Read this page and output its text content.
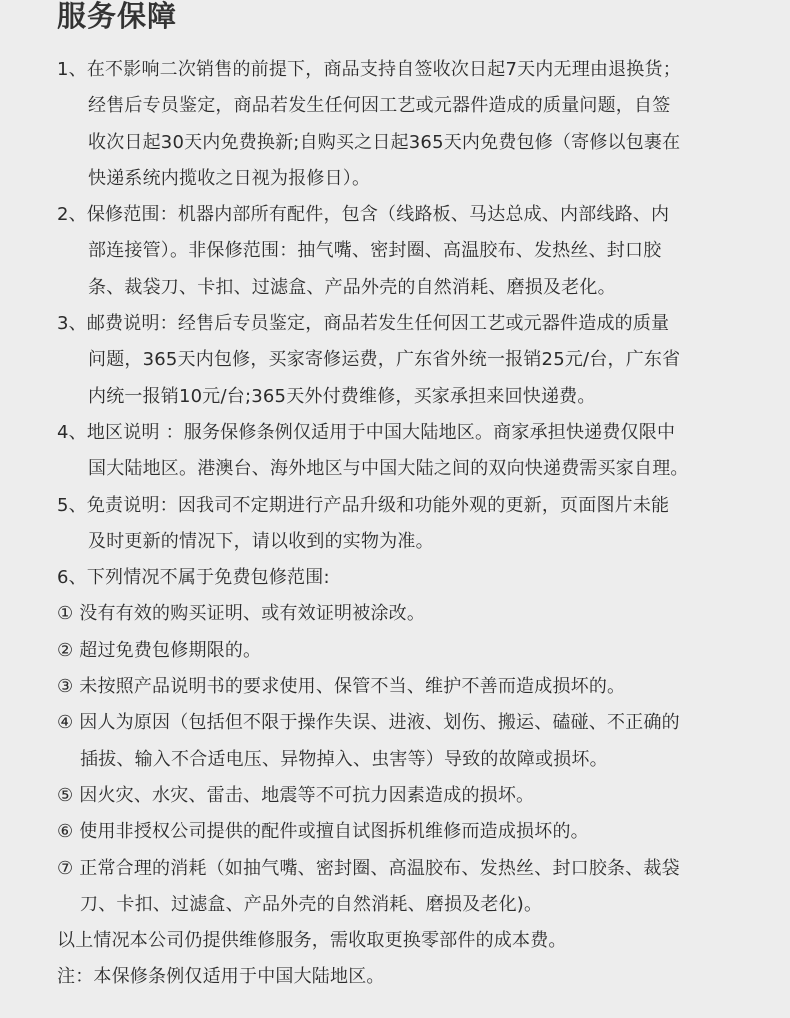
服务保障
1、在不影响二次销售的前提下，商品支持自签收次日起7天内无理由退换货；
经售后专员鉴定，商品若发生任何因工艺或元器件造成的质量问题，自签
收次日起30天内免费换新;自购买之日起365天内免费包修（寄修以包裹在
快递系统内揽收之日视为报修日）。
2、保修范围：机器内部所有配件，包含（线路板、马达总成、内部线路、内
部连接管）。非保修范围：抽气嘴、密封圈、高温胶布、发热丝、封口胶
条、裁袋刀、卡扣、过滤盒、产品外壳的自然消耗、磨损及老化。
3、邮费说明：经售后专员鉴定，商品若发生任何因工艺或元器件造成的质量
问题，365天内包修，买家寄修运费，广东省外统一报销25元/台，广东省
内统一报销10元/台;365天外付费维修，买家承担来回快递费。
4、地区说明 ：服务保修条例仅适用于中国大陆地区。商家承担快递费仅限中
国大陆地区。港澳台、海外地区与中国大陆之间的双向快递费需买家自理。
5、免责说明：因我司不定期进行产品升级和功能外观的更新，页面图片未能
及时更新的情况下，请以收到的实物为准。
6、下列情况不属于免费包修范围:
① 没有有效的购买证明、或有效证明被涂改。
② 超过免费包修期限的。
③ 未按照产品说明书的要求使用、保管不当、维护不善而造成损坏的。
④ 因人为原因（包括但不限于操作失误、进液、划伤、搬运、磕碰、不正确的
插拔、输入不合适电压、异物掉入、虫害等）导致的故障或损坏。
⑤ 因火灾、水灾、雷击、地震等不可抗力因素造成的损坏。
⑥ 使用非授权公司提供的配件或擅自试图拆机维修而造成损坏的。
⑦ 正常合理的消耗（如抽气嘴、密封圈、高温胶布、发热丝、封口胶条、裁袋
刀、卡扣、过滤盒、产品外壳的自然消耗、磨损及老化)。
以上情况本公司仍提供维修服务，需收取更换零部件的成本费。
注：本保修条例仅适用于中国大陆地区。
